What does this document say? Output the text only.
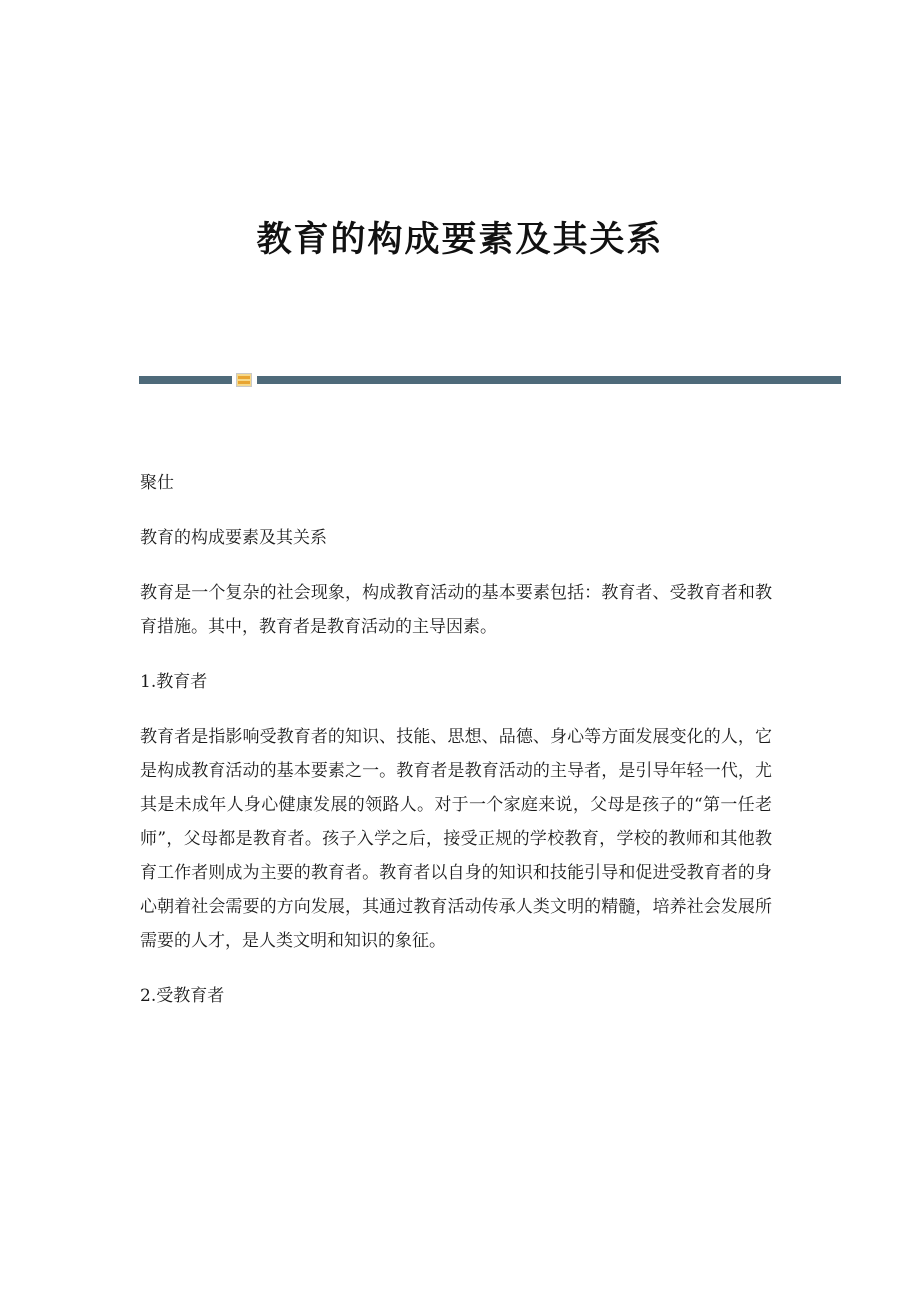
教育的构成要素及其关系

聚仕

教育的构成要素及其关系

教育是一个复杂的社会现象，构成教育活动的基本要素包括：教育者、受教育者和教育措施。其中，教育者是教育活动的主导因素。

1.教育者

教育者是指影响受教育者的知识、技能、思想、品德、身心等方面发展变化的人，它是构成教育活动的基本要素之一。教育者是教育活动的主导者，是引导年轻一代，尤其是未成年人身心健康发展的领路人。对于一个家庭来说，父母是孩子的“第一任老师”，父母都是教育者。孩子入学之后，接受正规的学校教育，学校的教师和其他教育工作者则成为主要的教育者。教育者以自身的知识和技能引导和促进受教育者的身心朝着社会需要的方向发展，其通过教育活动传承人类文明的精髓，培养社会发展所需要的人才，是人类文明和知识的象征。

2.受教育者
